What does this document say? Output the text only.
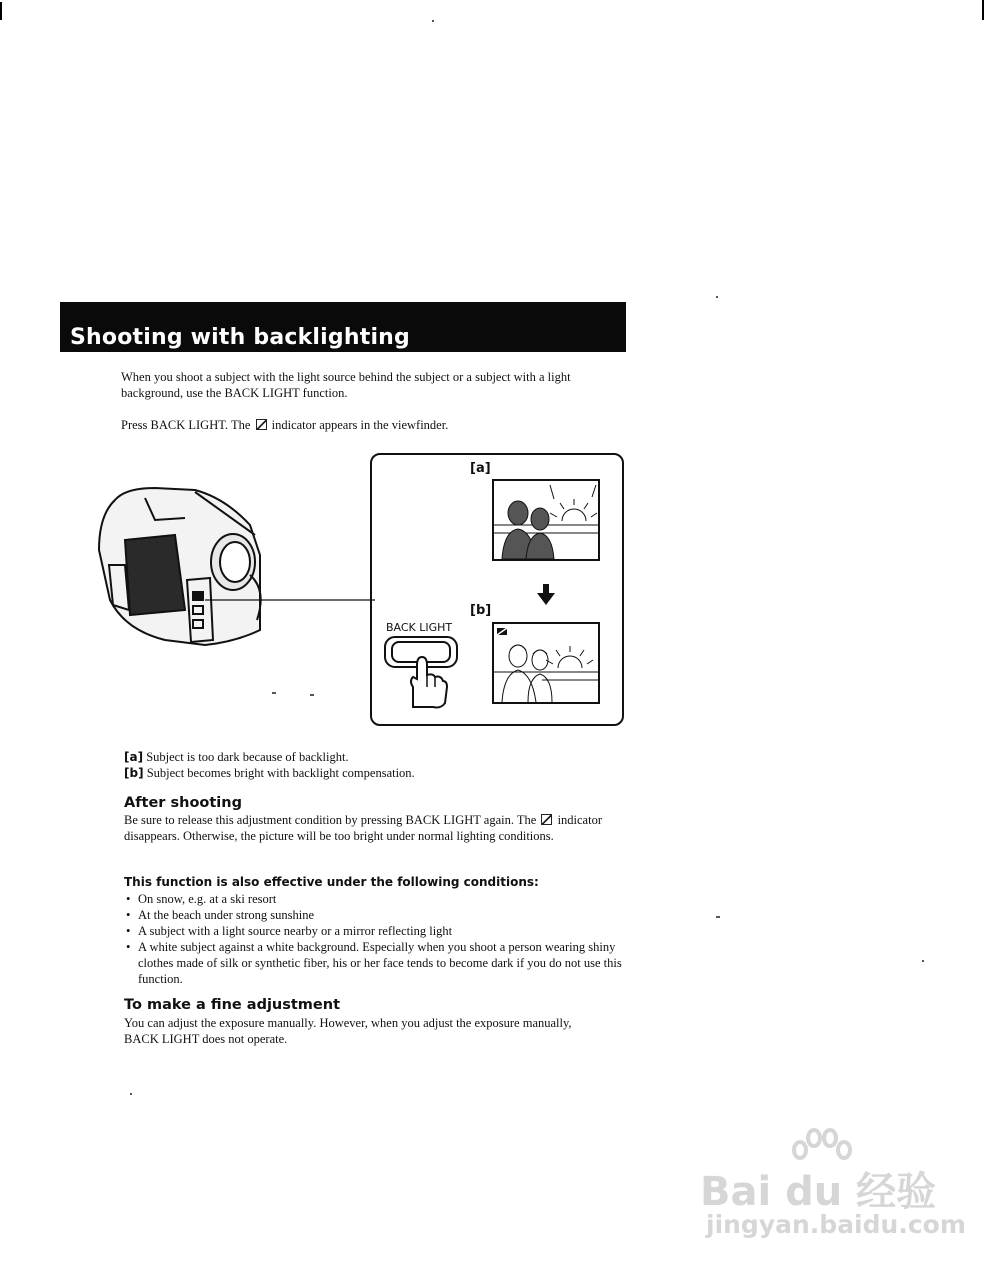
Shooting with backlighting
When you shoot a subject with the light source behind the subject or a subject with a light background, use the BACK LIGHT function.
Press BACK LIGHT. The indicator appears in the viewfinder.
[a]
[b]
BACK LIGHT
[a] Subject is too dark because of backlight.
[b] Subject becomes bright with backlight compensation.
After shooting
Be sure to release this adjustment condition by pressing BACK LIGHT again. The indicator disappears. Otherwise, the picture will be too bright under normal lighting conditions.
This function is also effective under the following conditions:
• On snow, e.g. at a ski resort
• At the beach under strong sunshine
• A subject with a light source nearby or a mirror reflecting light
• A white subject against a white background. Especially when you shoot a person wearing shiny clothes made of silk or synthetic fiber, his or her face tends to become dark if you do not use this function.
To make a fine adjustment
You can adjust the exposure manually. However, when you adjust the exposure manually, BACK LIGHT does not operate.
Bai du 经验
jingyan.baidu.com
